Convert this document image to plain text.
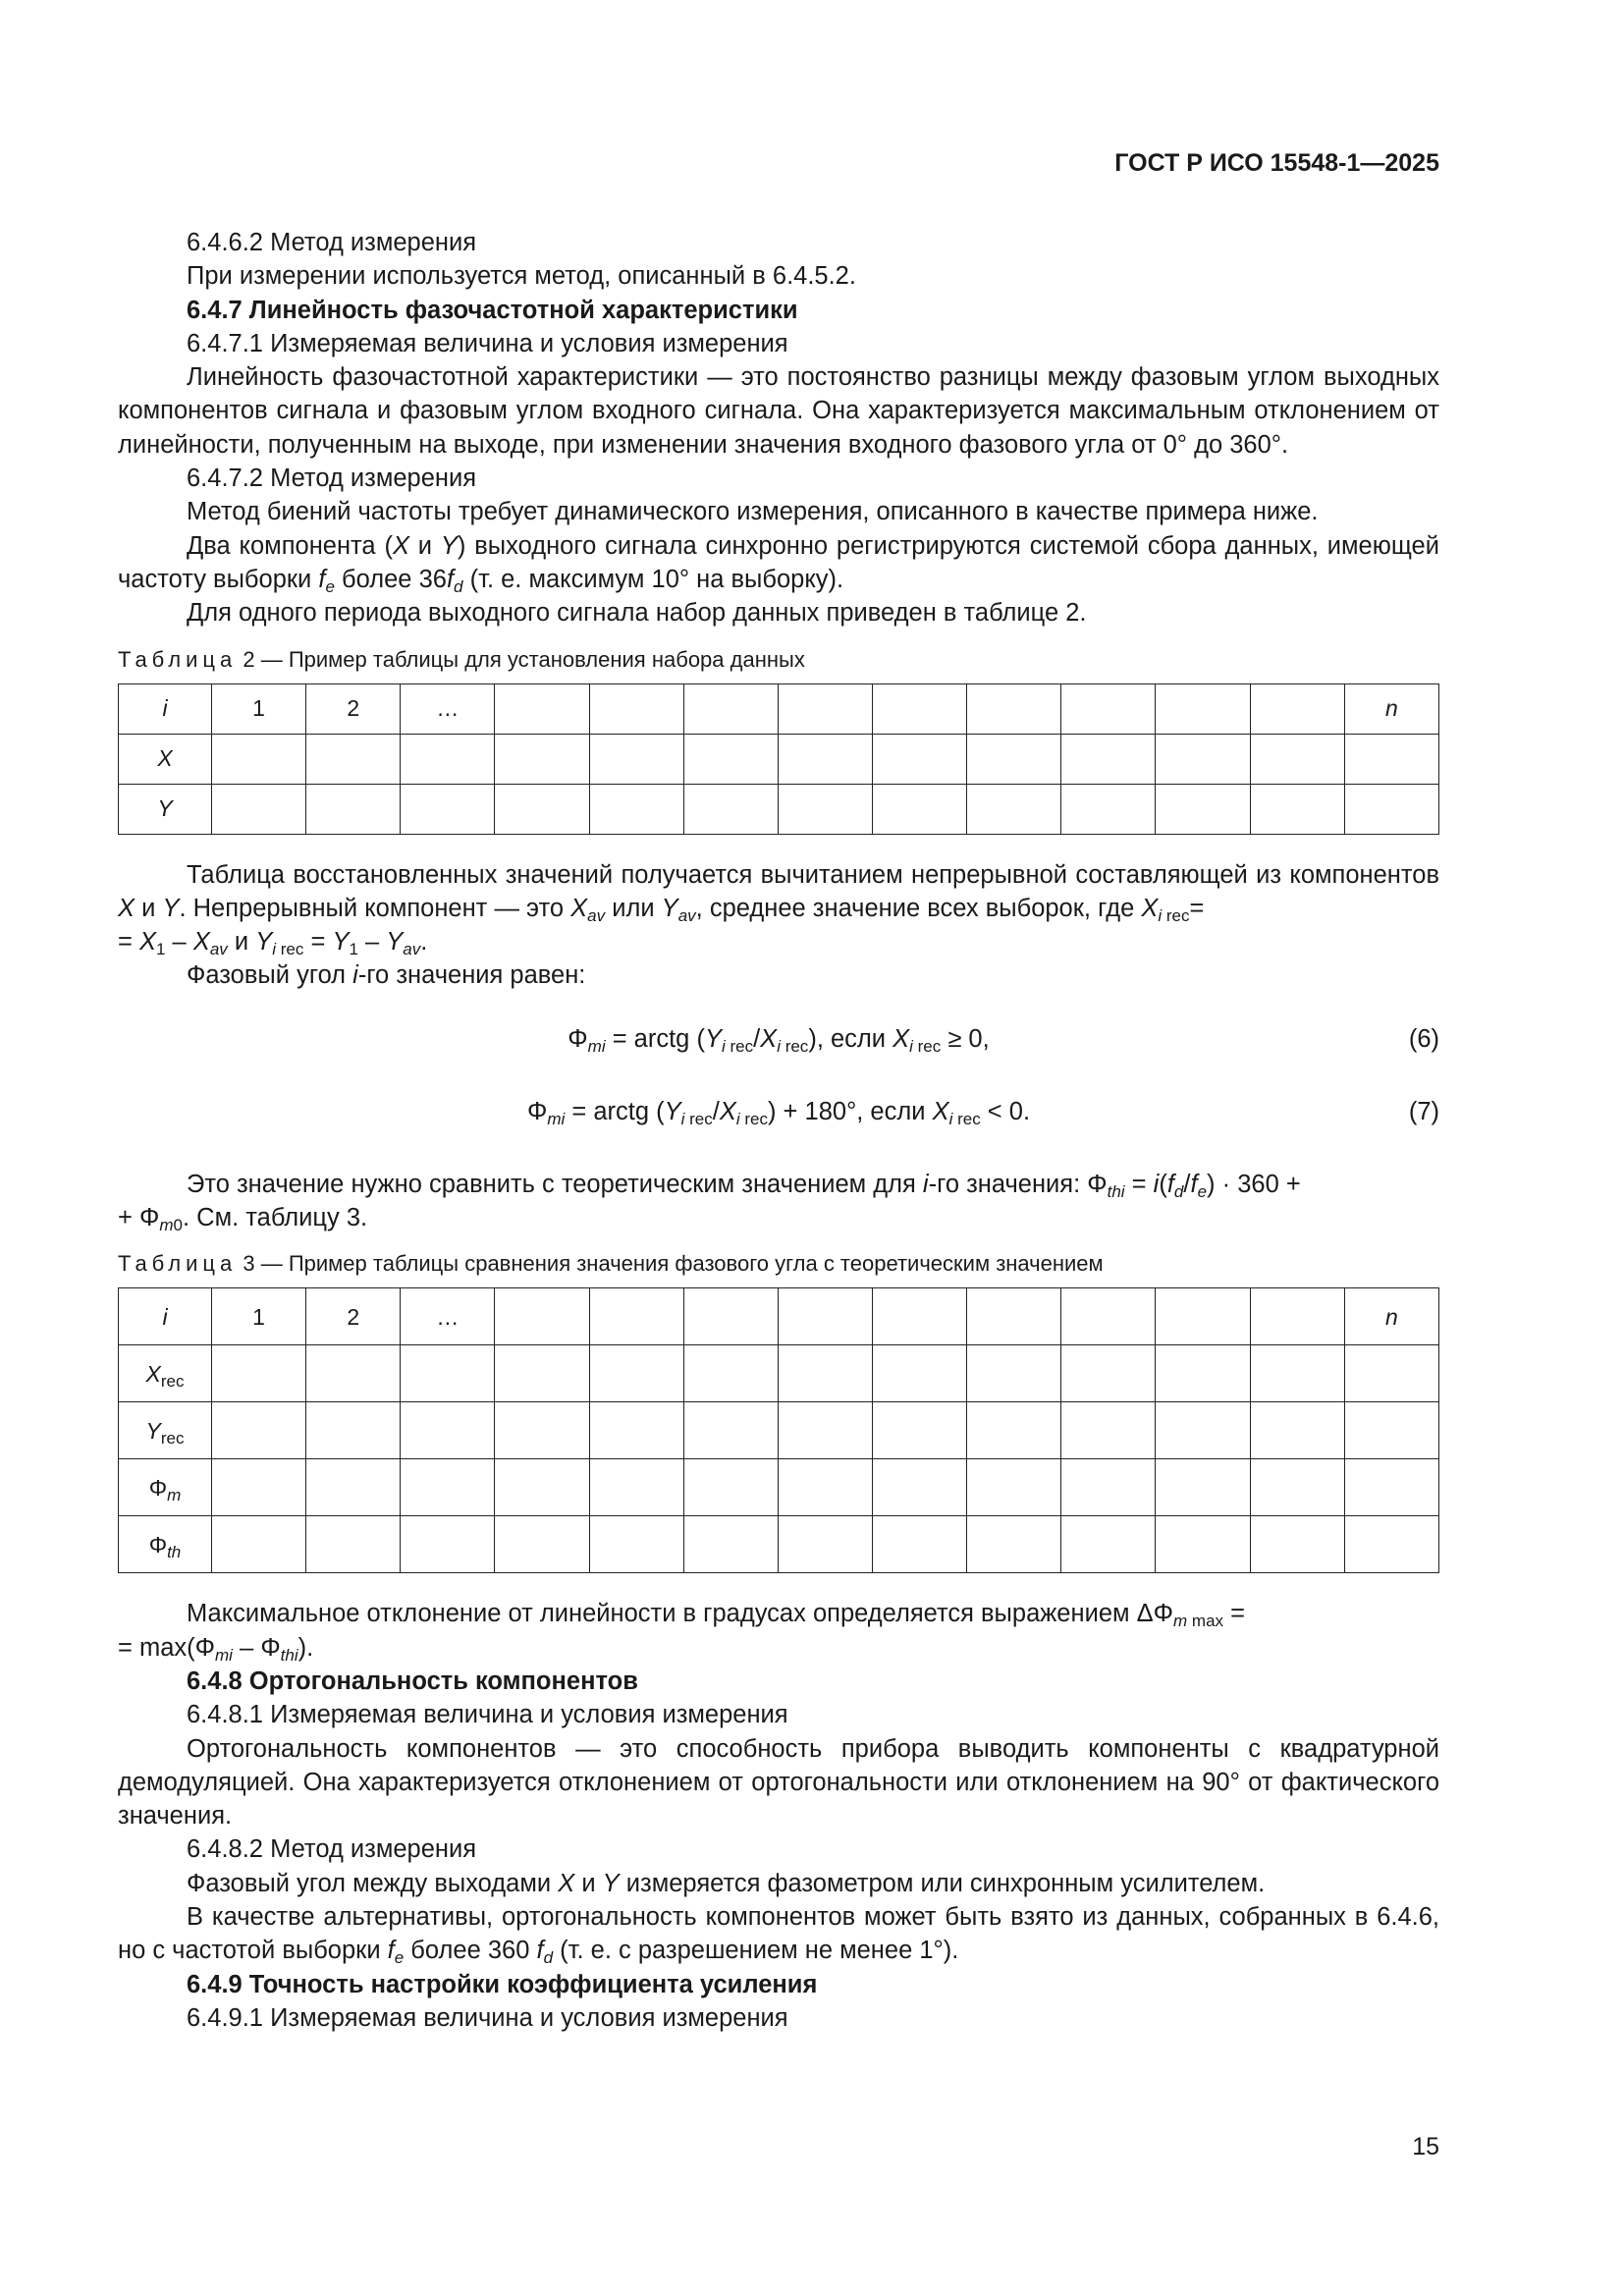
ГОСТ Р ИСО 15548-1—2025

6.4.6.2 Метод измерения

При измерении используется метод, описанный в 6.4.5.2.

6.4.7 Линейность фазочастотной характеристики

6.4.7.1 Измеряемая величина и условия измерения

Линейность фазочастотной характеристики — это постоянство разницы между фазовым углом выходных компонентов сигнала и фазовым углом входного сигнала. Она характеризуется максимальным отклонением от линейности, полученным на выходе, при изменении значения входного фазового угла от 0° до 360°.

6.4.7.2 Метод измерения

Метод биений частоты требует динамического измерения, описанного в качестве примера ниже.

Два компонента (X и Y) выходного сигнала синхронно регистрируются системой сбора данных, имеющей частоту выборки $f_e$ более $36f_d$ (т. е. максимум 10° на выборку).

Для одного периода выходного сигнала набор данных приведен в таблице 2.

Таблица 2 — Пример таблицы для установления набора данных
i	1	2	…										n
X													
Y													

Таблица восстановленных значений получается вычитанием непрерывной составляющей из компонентов X и Y. Непрерывный компонент — это $X_{av}$ или $Y_{av}$, среднее значение всех выборок, где $X_{i rec}=$
= $X_1 - X_{av}$ и $Y_{i rec} = Y_1 - Y_{av}$.

Фазовый угол i-го значения равен:

$\Phi_{mi}$ = arctg $(Y_{i rec}/X_{i rec})$, если $X_{i rec} \ge 0$,	(6)
$\Phi_{mi}$ = arctg $(Y_{i rec}/X_{i rec}) + 180^\circ$, если $X_{i rec} < 0$.	(7)

Это значение нужно сравнить с теоретическим значением для i-го значения: $\Phi_{thi} = i(f_d/f_e) \cdot 360$ +
+ $\Phi_{m0}$. См. таблицу 3.

Таблица 3 — Пример таблицы сравнения значения фазового угла с теоретическим значением
i	1	2	…										n
$X_{rec}$													
$Y_{rec}$													
$\Phi_m$													
$\Phi_{th}$													

Максимальное отклонение от линейности в градусах определяется выражением $\Delta\Phi_{m max}$ =
= $\max(\Phi_{mi} - \Phi_{thi})$.

6.4.8 Ортогональность компонентов

6.4.8.1 Измеряемая величина и условия измерения

Ортогональность компонентов — это способность прибора выводить компоненты с квадратурной демодуляцией. Она характеризуется отклонением от ортогональности или отклонением на 90° от фактического значения.

6.4.8.2 Метод измерения

Фазовый угол между выходами X и Y измеряется фазометром или синхронным усилителем.

В качестве альтернативы, ортогональность компонентов может быть взято из данных, собранных в 6.4.6, но с частотой выборки $f_e$ более 360 $f_d$ (т. е. с разрешением не менее 1°).

6.4.9 Точность настройки коэффициента усиления

6.4.9.1 Измеряемая величина и условия измерения

15
